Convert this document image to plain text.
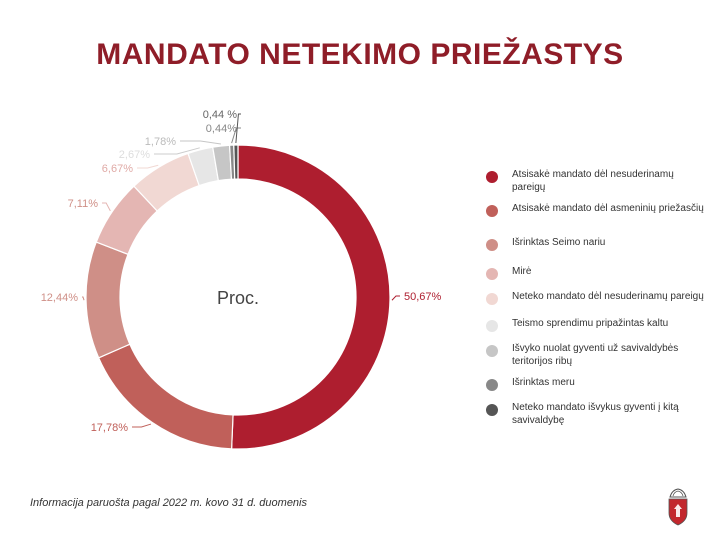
MANDATO NETEKIMO PRIEŽASTYS
50,67%
17,78%
12,44%
7,11%
6,67%
2,67%
1,78%
0,44%
0,44 %
Proc.
Atsisakė mandato dėl nesuderinamų pareigų
Atsisakė mandato dėl asmeninių priežasčių
Išrinktas Seimo nariu
Mirė
Neteko mandato dėl nesuderinamų pareigų
Teismo sprendimu pripažintas kaltu
Išvyko nuolat gyventi už savivaldybės teritorijos ribų
Išrinktas meru
Neteko mandato išvykus gyventi į kitą savivaldybę
Informacija paruošta pagal 2022 m. kovo 31 d. duomenis
